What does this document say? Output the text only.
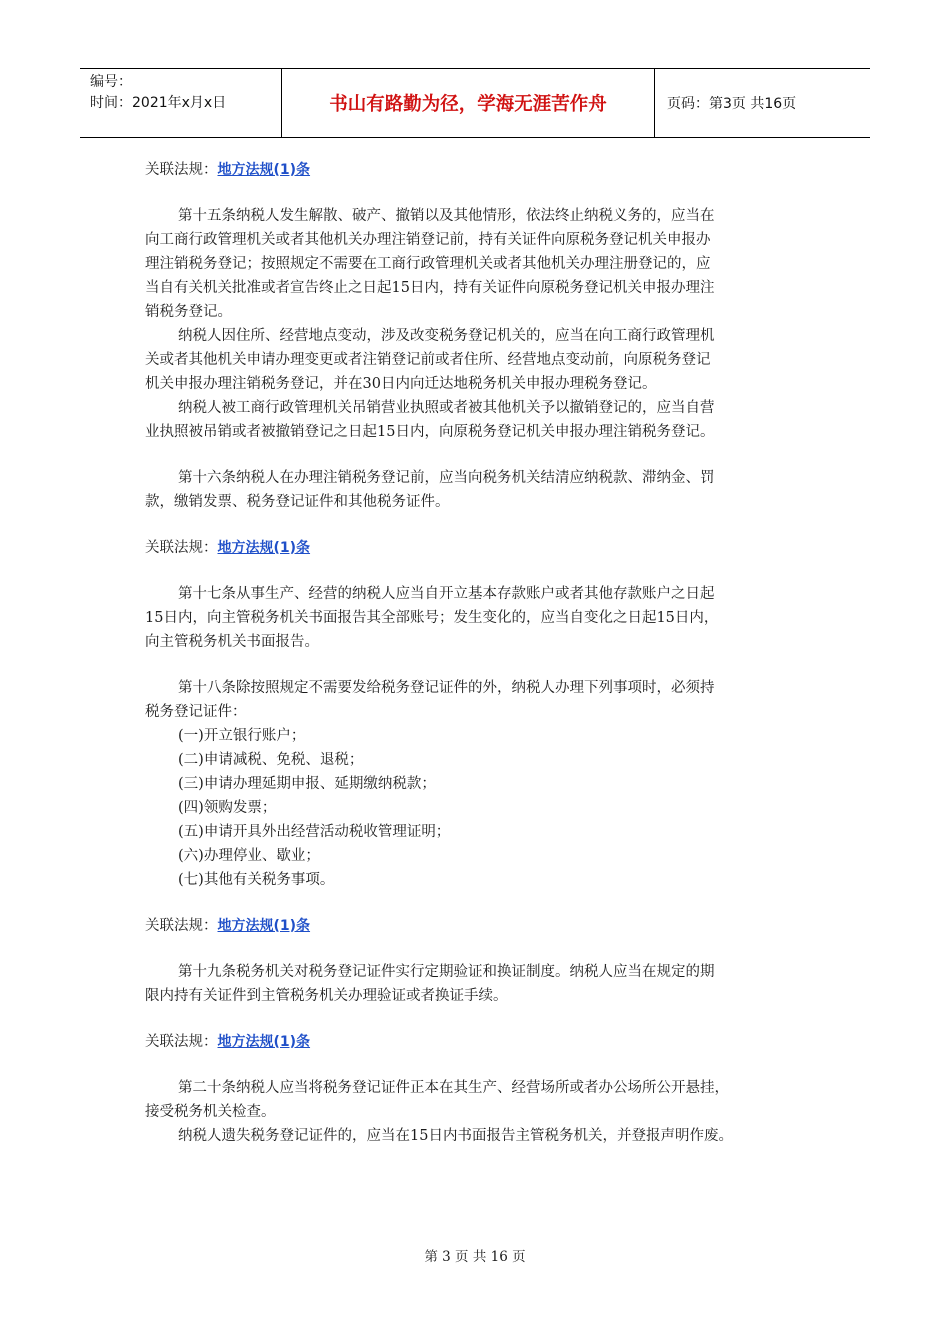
编号：
时间：2021年x月x日	书山有路勤为径，学海无涯苦作舟	页码：第3页 共16页
关联法规：地方法规(1)条
第十五条纳税人发生解散、破产、撤销以及其他情形，依法终止纳税义务的，应当在
向工商行政管理机关或者其他机关办理注销登记前，持有关证件向原税务登记机关申报办
理注销税务登记；按照规定不需要在工商行政管理机关或者其他机关办理注册登记的，应
当自有关机关批准或者宣告终止之日起15日内，持有关证件向原税务登记机关申报办理注
销税务登记。
纳税人因住所、经营地点变动，涉及改变税务登记机关的，应当在向工商行政管理机
关或者其他机关申请办理变更或者注销登记前或者住所、经营地点变动前，向原税务登记
机关申报办理注销税务登记，并在30日内向迁达地税务机关申报办理税务登记。
纳税人被工商行政管理机关吊销营业执照或者被其他机关予以撤销登记的，应当自营
业执照被吊销或者被撤销登记之日起15日内，向原税务登记机关申报办理注销税务登记。
第十六条纳税人在办理注销税务登记前，应当向税务机关结清应纳税款、滞纳金、罚
款，缴销发票、税务登记证件和其他税务证件。
关联法规：地方法规(1)条
第十七条从事生产、经营的纳税人应当自开立基本存款账户或者其他存款账户之日起
15日内，向主管税务机关书面报告其全部账号；发生变化的，应当自变化之日起15日内，
向主管税务机关书面报告。
第十八条除按照规定不需要发给税务登记证件的外，纳税人办理下列事项时，必须持
税务登记证件：
(一)开立银行账户；
(二)申请减税、免税、退税；
(三)申请办理延期申报、延期缴纳税款；
(四)领购发票；
(五)申请开具外出经营活动税收管理证明；
(六)办理停业、歇业；
(七)其他有关税务事项。
关联法规：地方法规(1)条
第十九条税务机关对税务登记证件实行定期验证和换证制度。纳税人应当在规定的期
限内持有关证件到主管税务机关办理验证或者换证手续。
关联法规：地方法规(1)条
第二十条纳税人应当将税务登记证件正本在其生产、经营场所或者办公场所公开悬挂，
接受税务机关检查。
纳税人遗失税务登记证件的，应当在15日内书面报告主管税务机关，并登报声明作废。
第 3 页 共 16 页
